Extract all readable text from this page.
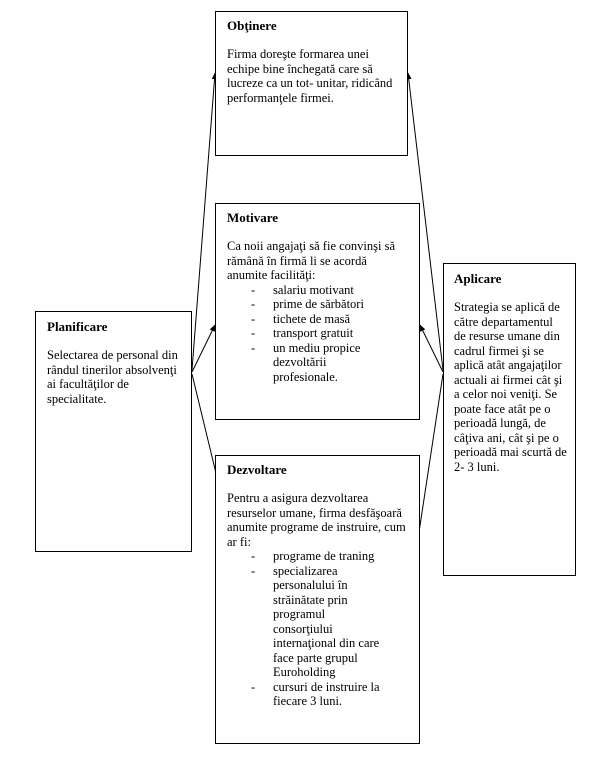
Obţinere
Firma doreşte formarea unei echipe bine închegată care să lucreze ca un tot- unitar, ridicând performanţele firmei.
Motivare
Ca noii angajaţi să fie convinşi să rămână în firmă li se acordă anumite facilităţi:
- salariu motivant
- prime de sărbători
- tichete de masă
- transport gratuit
- un mediu propice dezvoltării profesionale.
Dezvoltare
Pentru a asigura dezvoltarea resurselor umane, firma desfăşoară anumite programe de instruire, cum ar fi:
- programe de traning
- specializarea personalului în străinătate prin programul consorţiului internaţional din care face parte grupul Euroholding
- cursuri de instruire la fiecare 3 luni.
Planificare
Selectarea de personal din rândul tinerilor absolvenţi ai facultăţilor de specialitate.
Aplicare
Strategia se aplică de către departamentul de resurse umane din cadrul firmei şi se aplică atât angajaţilor actuali ai firmei cât şi a celor noi veniţi. Se poate face atât pe o perioadă lungă, de câţiva ani, cât şi pe o perioadă mai scurtă de 2- 3 luni.
